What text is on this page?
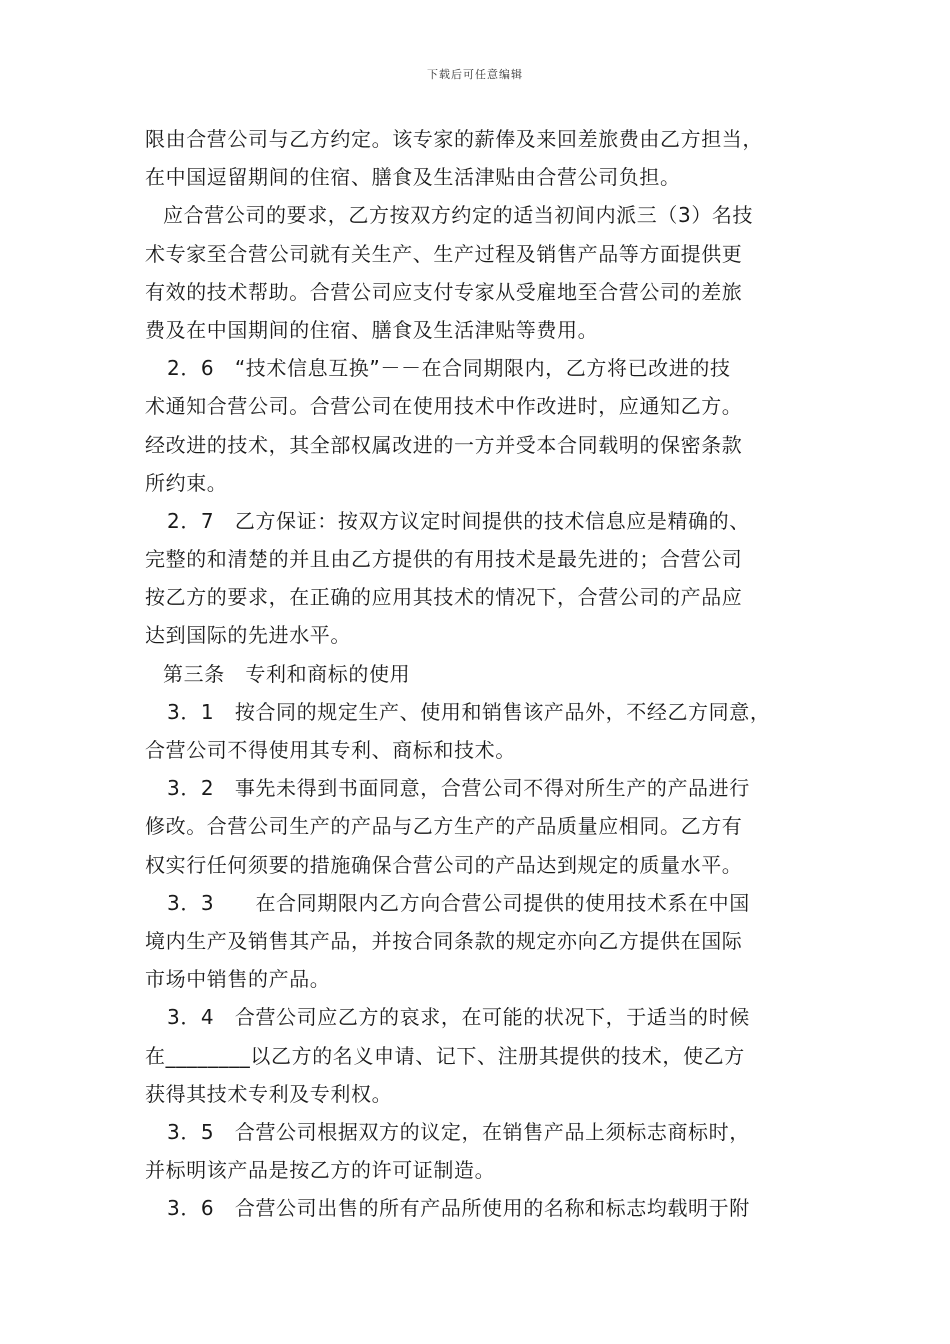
下载后可任意编辑
限由合营公司与乙方约定。该专家的薪俸及来回差旅费由乙方担当，
在中国逗留期间的住宿、膳食及生活津贴由合营公司负担。
应合营公司的要求，乙方按双方约定的适当初间内派三（3）名技
术专家至合营公司就有关生产、生产过程及销售产品等方面提供更
有效的技术帮助。合营公司应支付专家从受雇地至合营公司的差旅
费及在中国期间的住宿、膳食及生活津贴等费用。
2．6　“技术信息互换”－－在合同期限内，乙方将已改进的技
术通知合营公司。合营公司在使用技术中作改进时，应通知乙方。
经改进的技术，其全部权属改进的一方并受本合同载明的保密条款
所约束。
2．7　乙方保证：按双方议定时间提供的技术信息应是精确的、
完整的和清楚的并且由乙方提供的有用技术是最先进的；合营公司
按乙方的要求，在正确的应用其技术的情况下，合营公司的产品应
达到国际的先进水平。
第三条　专利和商标的使用
3．1　按合同的规定生产、使用和销售该产品外，不经乙方同意，
合营公司不得使用其专利、商标和技术。
3．2　事先未得到书面同意，合营公司不得对所生产的产品进行
修改。合营公司生产的产品与乙方生产的产品质量应相同。乙方有
权实行任何须要的措施确保合营公司的产品达到规定的质量水平。
3．3　　在合同期限内乙方向合营公司提供的使用技术系在中国
境内生产及销售其产品，并按合同条款的规定亦向乙方提供在国际
市场中销售的产品。
3．4　合营公司应乙方的哀求，在可能的状况下，于适当的时候
在________以乙方的名义申请、记下、注册其提供的技术，使乙方
获得其技术专利及专利权。
3．5　合营公司根据双方的议定，在销售产品上须标志商标时，
并标明该产品是按乙方的许可证制造。
3．6　合营公司出售的所有产品所使用的名称和标志均载明于附
